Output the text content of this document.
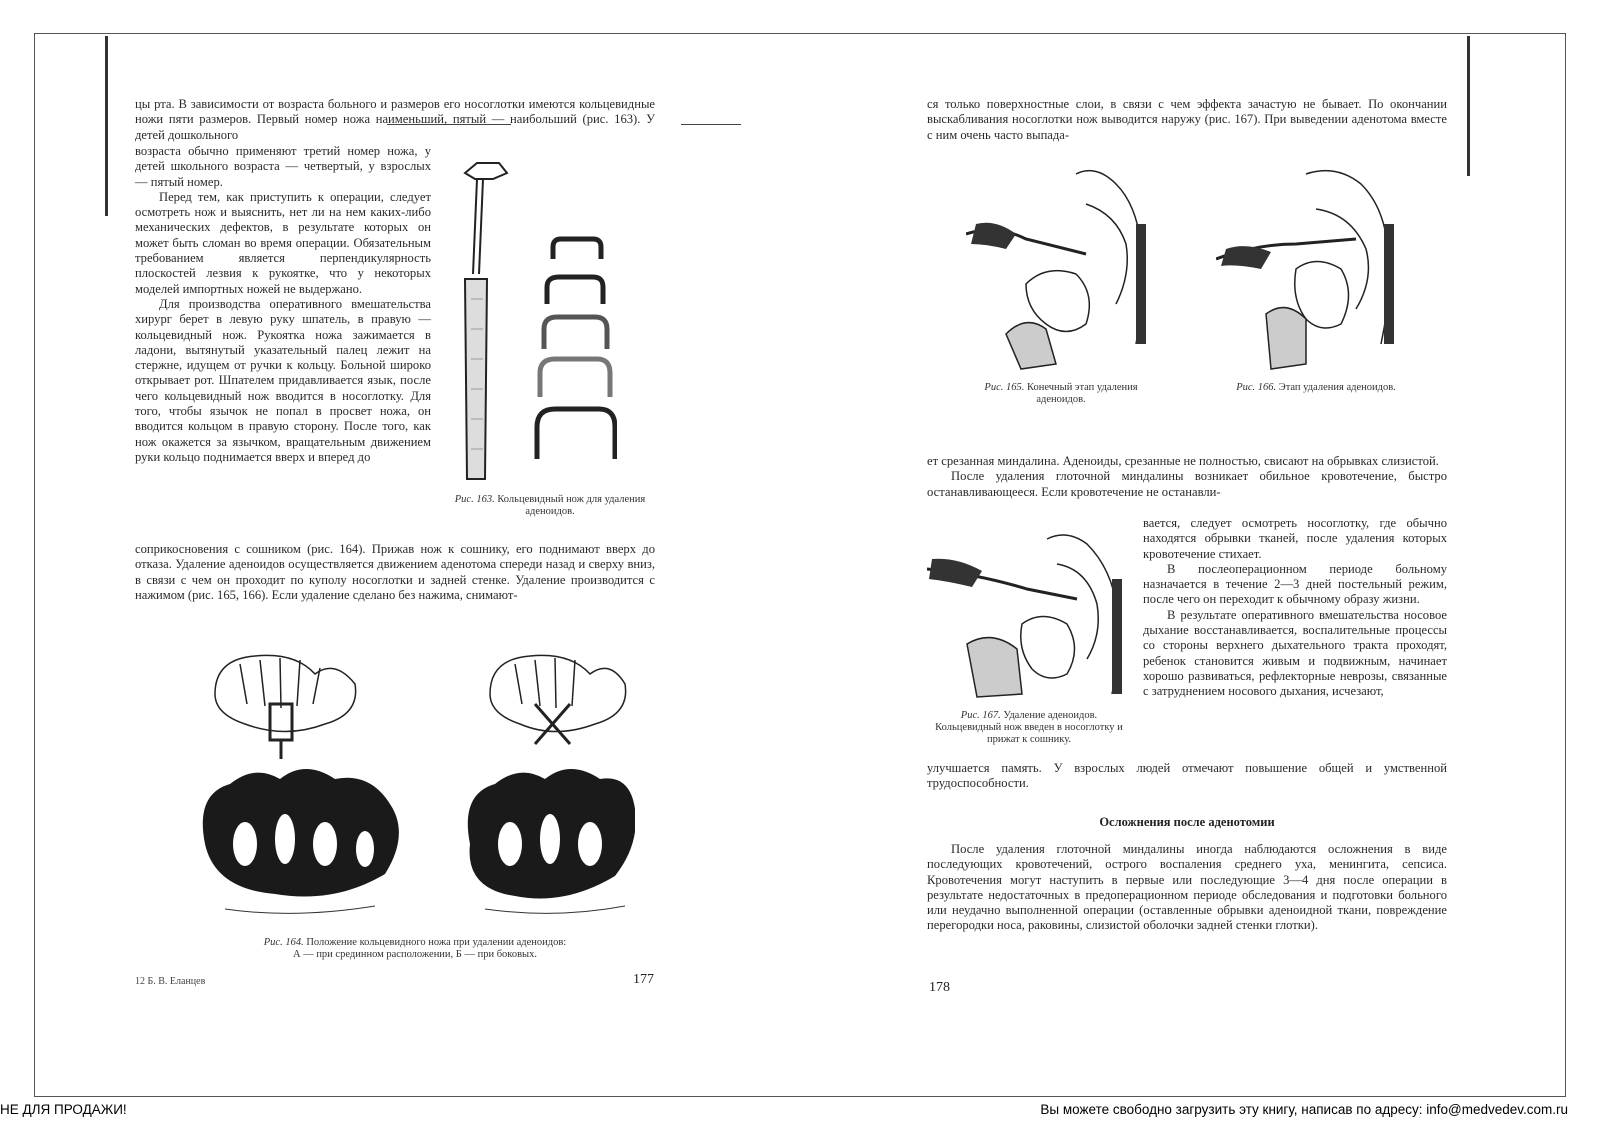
цы рта. В зависимости от возраста больного и размеров его носоглотки имеются кольцевидные ножи пяти размеров. Первый номер ножа наименьший, пятый — наибольший (рис. 163). У детей дошкольного

возраста обычно применяют третий номер ножа, у детей школьного возраста — четвертый, у взрослых — пятый номер.

Перед тем, как приступить к операции, следует осмотреть нож и выяснить, нет ли на нем каких-либо механических дефектов, в результате которых он может быть сломан во время операции. Обязательным требованием является перпендикулярность плоскостей лезвия к рукоятке, что у некоторых моделей импортных ножей не выдержано.

Для производства оперативного вмешательства хирург берет в левую руку шпатель, в правую — кольцевидный нож. Рукоятка ножа зажимается в ладони, вытянутый указательный палец лежит на стержне, идущем от ручки к кольцу. Больной широко открывает рот. Шпателем придавливается язык, после чего кольцевидный нож вводится в носоглотку. Для того, чтобы язычок не попал в просвет ножа, он вводится кольцом в правую сторону. После того, как нож окажется за язычком, вращательным движением руки кольцо поднимается вверх и вперед до

Рис. 163. Кольцевидный нож для удаления аденоидов.

соприкосновения с сошником (рис. 164). Прижав нож к сошнику, его поднимают вверх до отказа. Удаление аденоидов осуществляется движением аденотома спереди назад и сверху вниз, в связи с чем он проходит по куполу носоглотки и задней стенке. Удаление производится с нажимом (рис. 165, 166). Если удаление сделано без нажима, снимают-

Рис. 164. Положение кольцевидного ножа при удалении аденоидов:
А — при срединном расположении, Б — при боковых.
12 Б. В. Еланцев	177

ся только поверхностные слои, в связи с чем эффекта зачастую не бывает. По окончании выскабливания носоглотки нож выводится наружу (рис. 167). При выведении аденотома вместе с ним очень часто выпада-

Рис. 165. Конечный этап удаления аденоидов.
Рис. 166. Этап удаления аденоидов.

ет срезанная миндалина. Аденоиды, срезанные не полностью, свисают на обрывках слизистой.

После удаления глоточной миндалины возникает обильное кровотечение, быстро останавливающееся. Если кровотечение не останавли-

Рис. 167. Удаление аденоидов. Кольцевидный нож введен в носоглотку и прижат к сошнику.

вается, следует осмотреть носоглотку, где обычно находятся обрывки тканей, после удаления которых кровотечение стихает.

В послеоперационном периоде больному назначается в течение 2—3 дней постельный режим, после чего он переходит к обычному образу жизни.

В результате оперативного вмешательства носовое дыхание восстанавливается, воспалительные процессы со стороны верхнего дыхательного тракта проходят, ребенок становится живым и подвижным, начинает хорошо развиваться, рефлекторные неврозы, связанные с затруднением носового дыхания, исчезают,

улучшается память. У взрослых людей отмечают повышение общей и умственной трудоспособности.

Осложнения после аденотомии

После удаления глоточной миндалины иногда наблюдаются осложнения в виде последующих кровотечений, острого воспаления среднего уха, менингита, сепсиса. Кровотечения могут наступить в первые или последующие 3—4 дня после операции в результате недостаточных в предоперационном периоде обследования и подготовки больного или неудачно выполненной операции (оставленные обрывки аденоидной ткани, повреждение перегородки носа, раковины, слизистой оболочки задней стенки глотки).

178
НЕ ДЛЯ ПРОДАЖИ!	Вы можете свободно загрузить эту книгу, написав по адресу: info@medvedev.com.ru
